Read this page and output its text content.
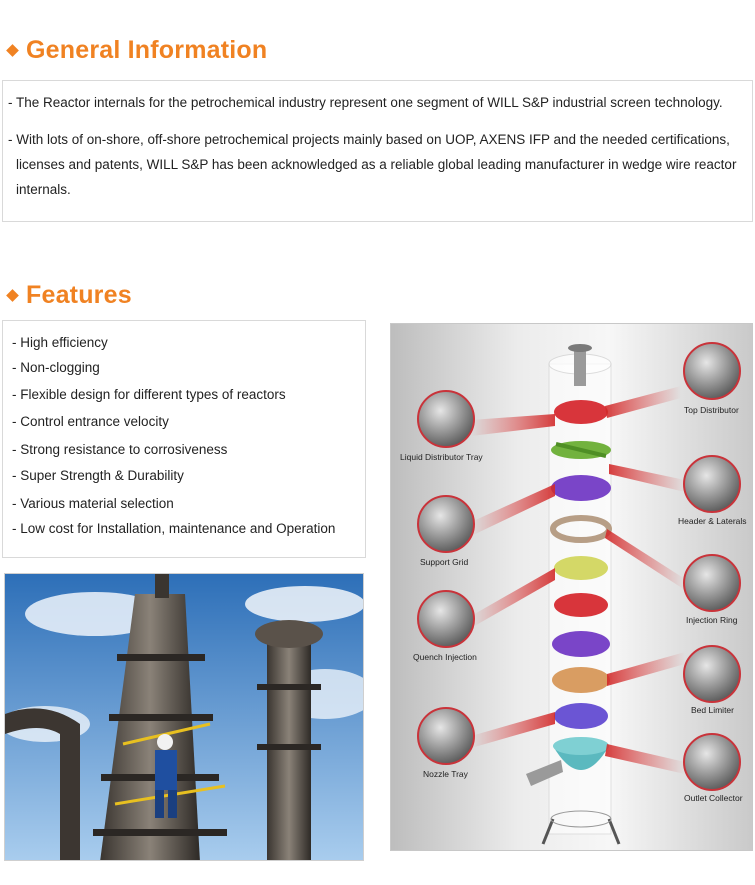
General Information
- The Reactor internals for the petrochemical industry represent one segment of WILL S&P industrial screen technology.
- With lots of on-shore, off-shore petrochemical projects mainly based on UOP, AXENS IFP and the needed certifications,
licenses and patents, WILL S&P has been acknowledged as a reliable global leading manufacturer in wedge wire reactor
internals.
Features
- High efficiency
- Non-clogging
- Flexible design for different types of reactors
- Control entrance velocity
- Strong resistance to corrosiveness
- Super Strength & Durability
- Various material selection
- Low cost for Installation, maintenance and Operation
Liquid Distributor Tray
Support Grid
Quench Injection
Nozzle Tray
Top Distributor
Header & Laterals
Injection Ring
Bed Limiter
Outlet Collector
